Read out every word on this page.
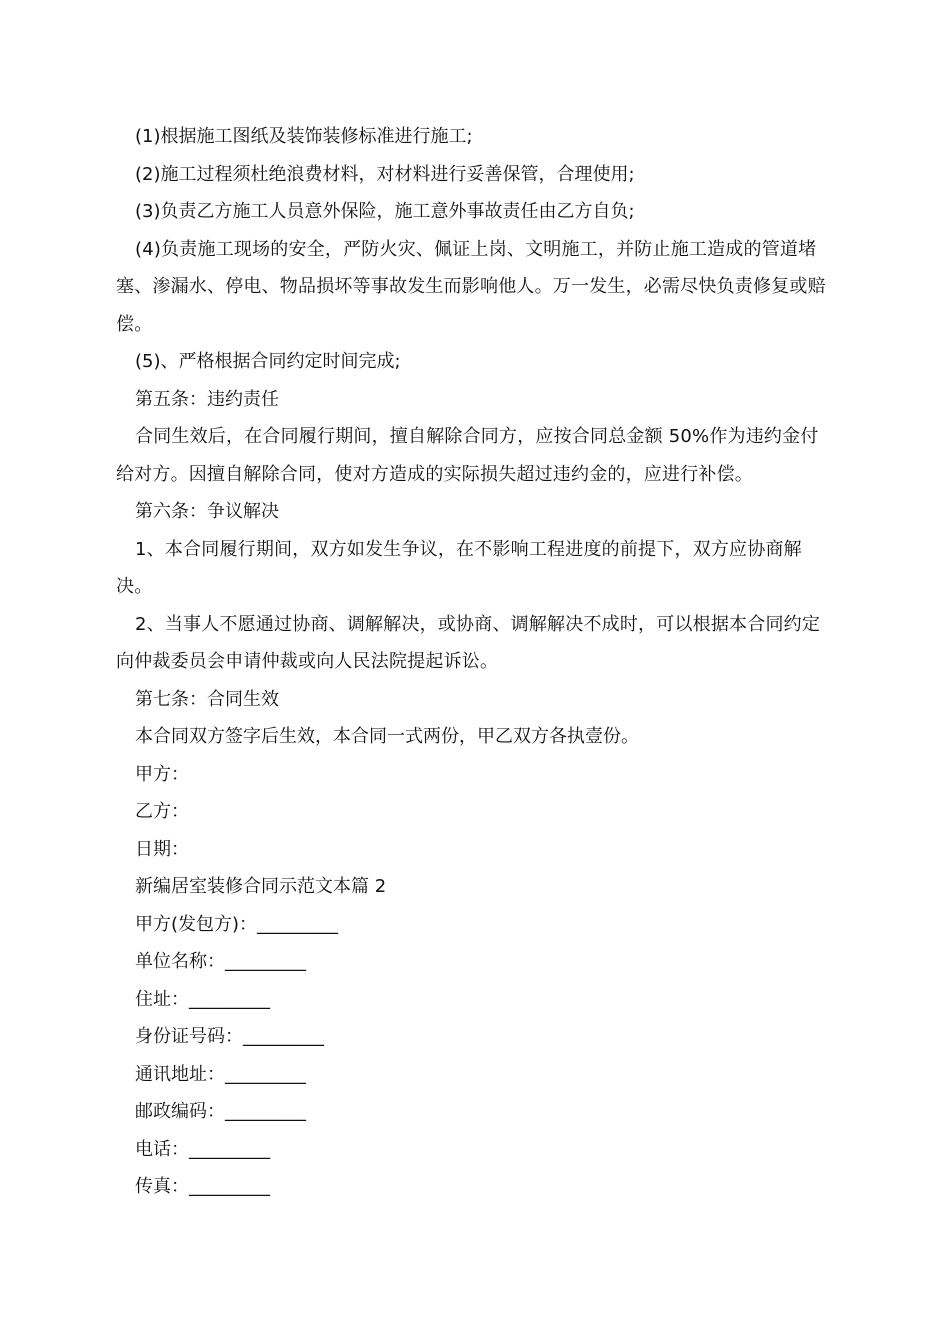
(1)根据施工图纸及装饰装修标准进行施工;

(2)施工过程须杜绝浪费材料，对材料进行妥善保管，合理使用;

(3)负责乙方施工人员意外保险，施工意外事故责任由乙方自负;

(4)负责施工现场的安全，严防火灾、佩证上岗、文明施工，并防止施工造成的管道堵塞、渗漏水、停电、物品损坏等事故发生而影响他人。万一发生，必需尽快负责修复或赔偿。

(5)、严格根据合同约定时间完成;

第五条：违约责任

合同生效后，在合同履行期间，擅自解除合同方，应按合同总金额 50%作为违约金付给对方。因擅自解除合同，使对方造成的实际损失超过违约金的，应进行补偿。

第六条：争议解决

1、本合同履行期间，双方如发生争议，在不影响工程进度的前提下，双方应协商解决。

2、当事人不愿通过协商、调解解决，或协商、调解解决不成时，可以根据本合同约定向仲裁委员会申请仲裁或向人民法院提起诉讼。

第七条：合同生效

本合同双方签字后生效，本合同一式两份，甲乙双方各执壹份。

甲方：

乙方：

日期：

新编居室装修合同示范文本篇 2

甲方(发包方)：_________

单位名称：_________

住址：_________

身份证号码：_________

通讯地址：_________

邮政编码：_________

电话：_________

传真：_________
